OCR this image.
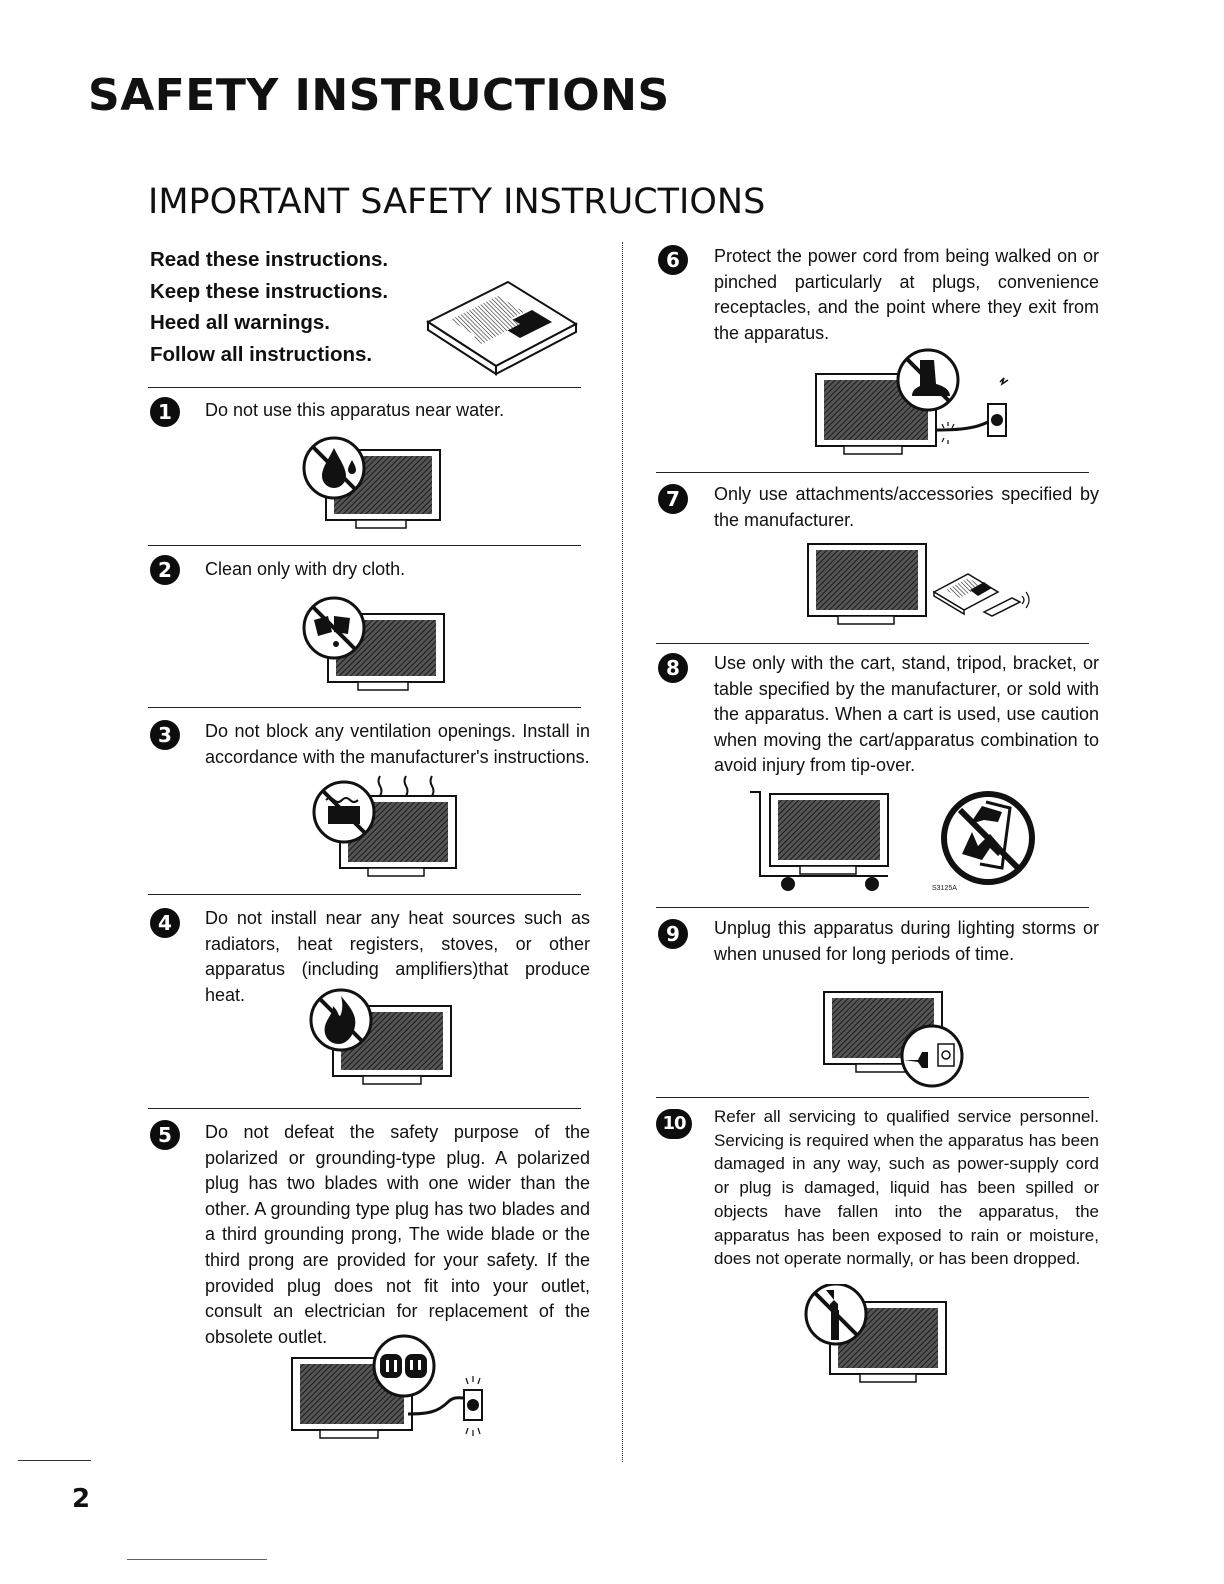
SAFETY INSTRUCTIONS
IMPORTANT SAFETY INSTRUCTIONS
Read these instructions.
Keep these instructions.
Heed all warnings.
Follow all instructions.
1	Do not use this apparatus near water.
2	Clean only with dry cloth.
3	Do not block any ventilation openings. Install in accordance with the manufacturer's instructions.
4	Do not install near any heat sources such as radiators, heat registers, stoves, or other apparatus (including amplifiers)that produce heat.
5	Do not defeat the safety purpose of the polarized or grounding-type plug. A polarized plug has two blades with one wider than the other. A grounding type plug has two blades and a third grounding prong, The wide blade or the third prong are provided for your safety. If the provided plug does not fit into your outlet, consult an electrician for replacement of the obsolete outlet.
6	Protect the power cord from being walked on or pinched particularly at plugs, convenience receptacles, and the point where they exit from the apparatus.
7	Only use attachments/accessories specified by the manufacturer.
8	Use only with the cart, stand, tripod, bracket, or table specified by the manufacturer, or sold with the apparatus. When a cart is used, use caution when moving the cart/apparatus combination to avoid injury from tip-over.
S3125A
9	Unplug this apparatus during lighting storms or when unused for long periods of time.
10	Refer all servicing to qualified service personnel. Servicing is required when the apparatus has been damaged in any way, such as power-supply cord or plug is damaged, liquid has been spilled or objects have fallen into the apparatus, the apparatus has been exposed to rain or moisture, does not operate normally, or has been dropped.
2
